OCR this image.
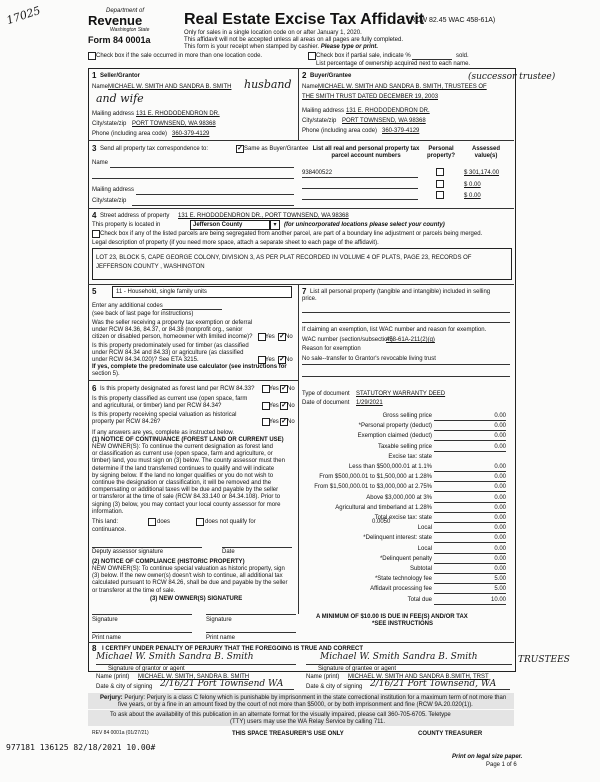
17025	Department of
Revenue
Washington State
Form 84 0001a
Real Estate Excise Tax Affidavit
(RCW 82.45 WAC 458-61A)
Only for sales in a single location code on or after January 1, 2020.
This affidavit will not be accepted unless all areas on all pages are fully completed.
This form is your receipt when stamped by cashier. Please type or print.
Check box if the sale occurred in more than one location code.	Check box if partial sale, indicate %	sold.
List percentage of ownership acquired next to each name.
1 Seller/Grantor
Name MICHAEL W. SMITH AND SANDRA B. SMITH husband
and wife
Mailing address 131 E. RHODODENDRON DR.
City/state/zip PORT TOWNSEND, WA 98368
Phone (including area code) 360-379-4129
2 Buyer/Grantee	(successor trustee)
Name MICHAEL W. SMITH AND SANDRA B. SMITH, TRUSTEES OF
THE SMITH TRUST DATED DECEMBER 19, 2003
Mailing address 131 E. RHODODENDRON DR.
City/state/zip PORT TOWNSEND, WA 98368
Phone (including area code) 360-379-4129
3 Send all property tax correspondence to:	✓ Same as Buyer/Grantee
Name
Mailing address
City/state/zip
List all real and personal property tax parcel account numbers
Personal property?
Assessed value(s)
938400522	$ 301,174.00
$ 0.00
$ 0.00
4 Street address of property 131 E. RHODODENDRON DR., PORT TOWNSEND, WA 98368
This property is located in	Jefferson County	▾	(for unincorporated locations please select your county)
Check box if any of the listed parcels are being segregated from another parcel, are part of a boundary line adjustment or parcels being merged.
Legal description of property (if you need more space, attach a separate sheet to each page of the affidavit).
LOT 23, BLOCK 5, CAPE GEORGE COLONY, DIVISION 3, AS PER PLAT RECORDED IN VOLUME 4 OF PLATS, PAGE 23, RECORDS OF
JEFFERSON COUNTY , WASHINGTON
5	11 - Household, single family units
Enter any additional codes
(see back of last page for instructions)
Was the seller receiving a property tax exemption or deferral
under RCW 84.36, 84.37, or 84.38 (nonprofit org., senior
citizen or disabled person, homeowner with limited income)? Yes ✓ No
Is this property predominately used for timber (as classified
under RCW 84.34 and 84.33) or agriculture (as classified
under RCW 84.34.020)? See ETA 3215.	Yes ✓ No
If yes, complete the predominate use calculator (see instructions for
section 5).
6 Is this property designated as forest land per RCW 84.33? Yes ✓ No
Is this property classified as current use (open space, farm
and agricultural, or timber) land per RCW 84.34?	Yes ✓ No
Is this property receiving special valuation as historical
property per RCW 84.26?	Yes ✓ No
If any answers are yes, complete as instructed below.
(1) NOTICE OF CONTINUANCE (FOREST LAND OR CURRENT USE)
NEW OWNER(S): To continue the current designation as forest land
or classification as current use (open space, farm and agriculture, or
timber) land, you must sign on (3) below. The county assessor must then
determine if the land transferred continues to qualify and will indicate
by signing below. If the land no longer qualifies or you do not wish to
continue the designation or classification, it will be removed and the
compensating or additional taxes will be due and payable by the seller
or transferor at the time of sale (RCW 84.33.140 or 84.34.108). Prior to
signing (3) below, you may contact your local county assessor for more
information.
This land:	does	does not qualify for
continuance.
Deputy assessor signature	Date
(2) NOTICE OF COMPLIANCE (HISTORIC PROPERTY)
NEW OWNER(S): To continue special valuation as historic property, sign
(3) below. If the new owner(s) doesn't wish to continue, all additional tax
calculated pursuant to RCW 84.26, shall be due and payable by the seller
or transferor at the time of sale.
(3) NEW OWNER(S) SIGNATURE
Signature	Signature
Print name	Print name
7 List all personal property (tangible and intangible) included in selling
price.
If claiming an exemption, list WAC number and reason for exemption.
WAC number (section/subsection)
458-61A-211(2)(g)
Reason for exemption
No sale--transfer to Grantor's revocable living trust
Type of document STATUTORY WARRANTY DEED
Date of document 1/29/2021
Gross selling price	0.00
*Personal property (deduct)	0.00
Exemption claimed (deduct)	0.00
Taxable selling price	0.00
Excise tax: state
Less than $500,000.01 at 1.1%	0.00
From $500,000.01 to $1,500,000 at 1.28%	0.00
From $1,500,000.01 to $3,000,000 at 2.75%	0.00
Above $3,000,000 at 3%	0.00
Agricultural and timberland at 1.28%	0.00
Total excise tax: state	0.00
Local	0.00
*Delinquent interest: state	0.00
Local	0.00
*Delinquent penalty	0.00
Subtotal	0.00
*State technology fee	5.00
Affidavit processing fee	5.00
Total due	10.00
0.0050
A MINIMUM OF $10.00 IS DUE IN FEE(S) AND/OR TAX
*SEE INSTRUCTIONS
8 I CERTIFY UNDER PENALTY OF PERJURY THAT THE FOREGOING IS TRUE AND CORRECT
Michael W. Smith Sandra B. Smith
Signature of grantor or agent
Name (print) MICHAEL W. SMITH, SANDRA B. SMITH
2/16/21 Port Townsend WA
Date & city of signing
Michael W. Smith Sandra B. Smith	TRUSTEES
Signature of grantee or agent
Name (print) MICHAEL W. SMITH AND SANDRA B.SMITH, TRST
2/16/21 Port Townsend, WA
Date & city of signing
Perjury: Perjury: Perjury is a class C felony which is punishable by imprisonment in the state correctional institution for a maximum term of not more than
five years, or by a fine in an amount fixed by the court of not more than $5000, or by both imprisonment and fine (RCW 9A.20.020(1)).
To ask about the availability of this publication in an alternate format for the visually impaired, please call 360-705-6705. Teletype
(TTY) users may use the WA Relay Service by calling 711.
REV 84 0001a (01/27/21)	THIS SPACE TREASURER'S USE ONLY	COUNTY TREASURER
977181 136125 82/18/2021 10.00#
Print on legal size paper.
Page 1 of 6
